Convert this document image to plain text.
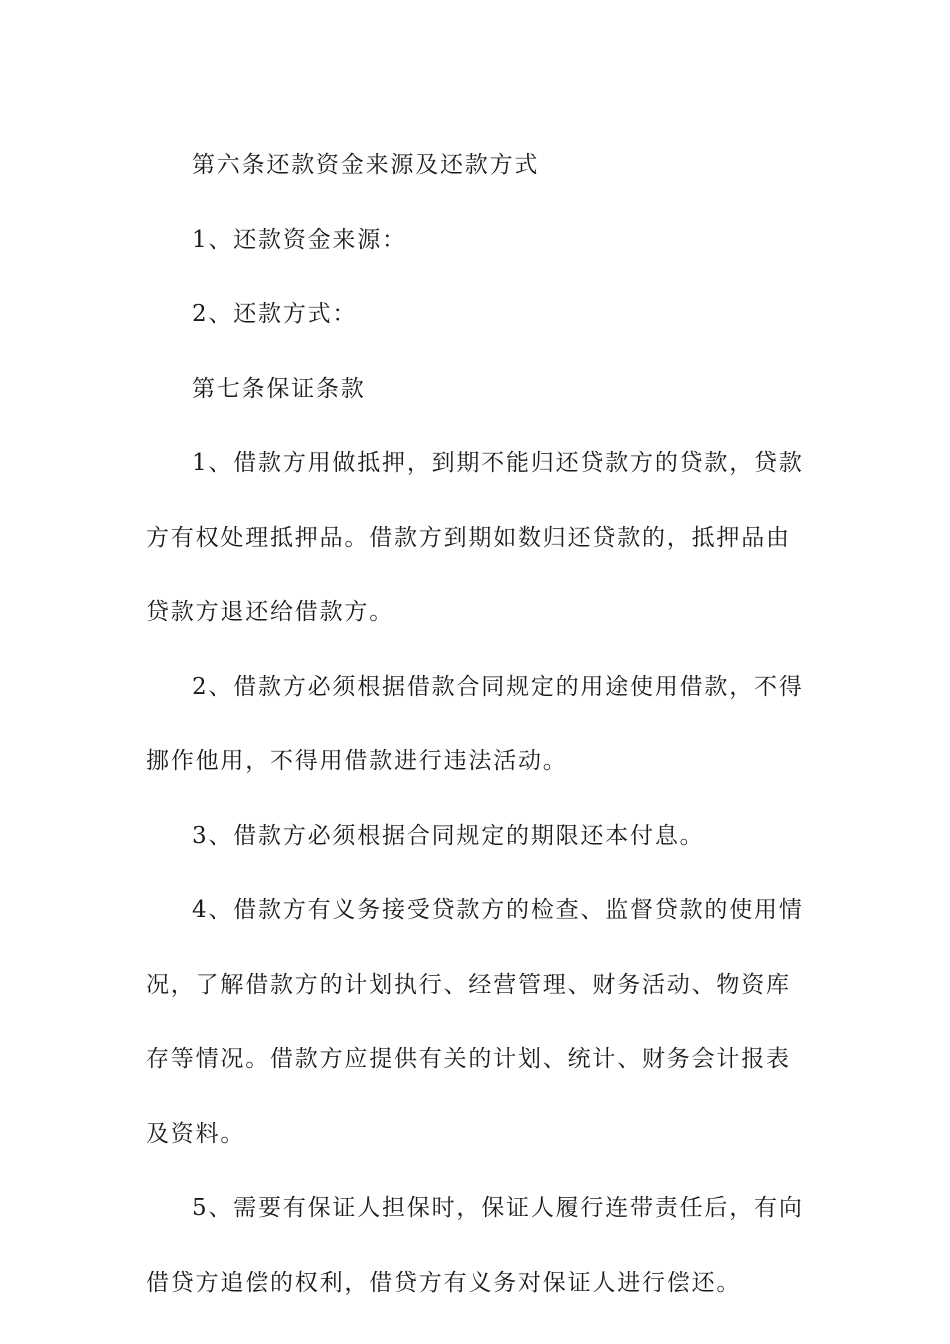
第六条还款资金来源及还款方式

1、还款资金来源：

2、还款方式：

第七条保证条款

1、借款方用做抵押，到期不能归还贷款方的贷款，贷款方有权处理抵押品。借款方到期如数归还贷款的，抵押品由贷款方退还给借款方。

2、借款方必须根据借款合同规定的用途使用借款，不得挪作他用，不得用借款进行违法活动。

3、借款方必须根据合同规定的期限还本付息。

4、借款方有义务接受贷款方的检查、监督贷款的使用情况，了解借款方的计划执行、经营管理、财务活动、物资库存等情况。借款方应提供有关的计划、统计、财务会计报表及资料。

5、需要有保证人担保时，保证人履行连带责任后，有向借贷方追偿的权利，借贷方有义务对保证人进行偿还。
